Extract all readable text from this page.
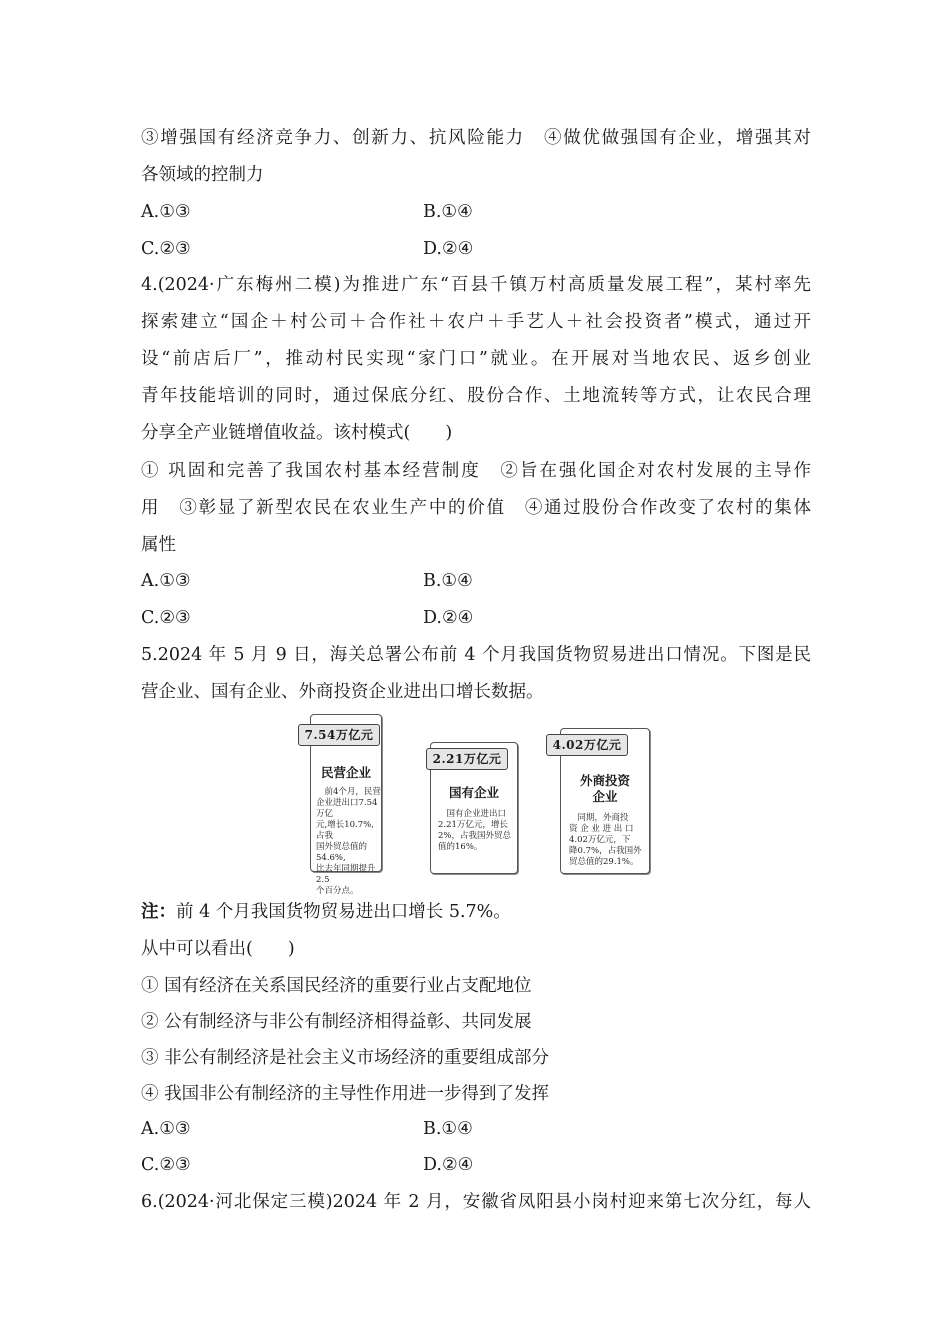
③增强国有经济竞争力、创新力、抗风险能力　④做优做强国有企业，增强其对
各领域的控制力
A.①③	B.①④
C.②③	D.②④
4.(2024·广东梅州二模)为推进广东“百县千镇万村高质量发展工程”，某村率先
探索建立“国企＋村公司＋合作社＋农户＋手艺人＋社会投资者”模式，通过开
设“前店后厂”，推动村民实现“家门口”就业。在开展对当地农民、返乡创业
青年技能培训的同时，通过保底分红、股份合作、土地流转等方式，让农民合理
分享全产业链增值收益。该村模式(　　)
① 巩固和完善了我国农村基本经营制度　②旨在强化国企对农村发展的主导作
用　③彰显了新型农民在农业生产中的价值　④通过股份合作改变了农村的集体
属性
A.①③	B.①④
C.②③	D.②④
5.2024 年 5 月 9 日，海关总署公布前 4 个月我国货物贸易进出口情况。下图是民
营企业、国有企业、外商投资企业进出口增长数据。
民营企业
　前4个月，民营
企业进出口7.54万亿
元,增长10.7%,占我
国外贸总值的54.6%,
比去年同期提升2.5
个百分点。
7.54万亿元
国有企业
　国有企业进出口
2.21万亿元，增长
2%，占我国外贸总
值的16%。
2.21万亿元
外商投资
企业
　同期，外商投
资 企 业 进 出 口
4.02万亿元，下
降0.7%，占我国外
贸总值的29.1%。
4.02万亿元
注：前 4 个月我国货物贸易进出口增长 5.7%。
从中可以看出(　　)
① 国有经济在关系国民经济的重要行业占支配地位
② 公有制经济与非公有制经济相得益彰、共同发展
③ 非公有制经济是社会主义市场经济的重要组成部分
④ 我国非公有制经济的主导性作用进一步得到了发挥
A.①③	B.①④
C.②③	D.②④
6.(2024·河北保定三模)2024 年 2 月，安徽省凤阳县小岗村迎来第七次分红，每人
